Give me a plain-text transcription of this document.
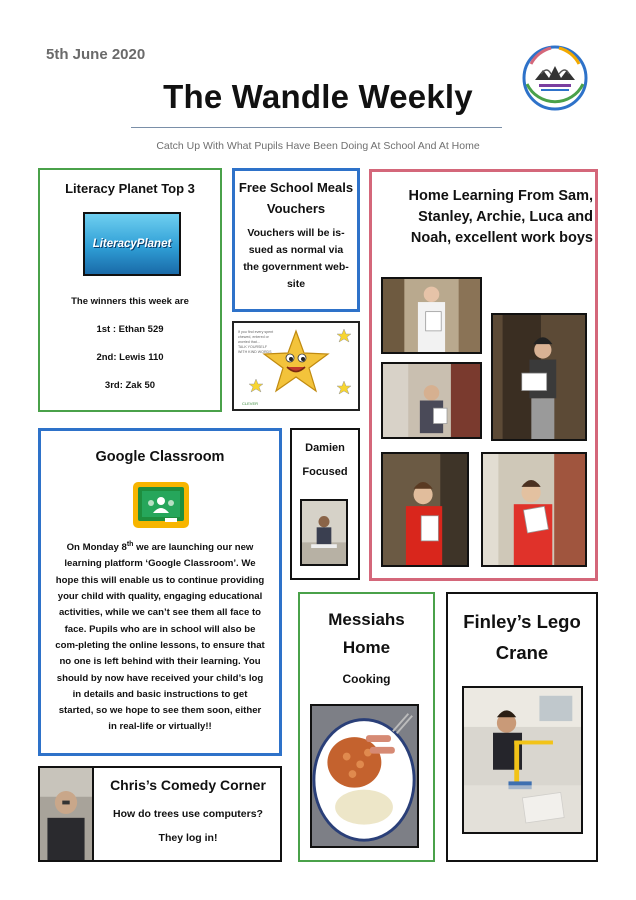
5th June 2020
The Wandle Weekly
Catch Up With What Pupils Have Been Doing At School And At Home
Literacy Planet Top 3
LiteracyPlanet
The winners this week are
1st : Ethan 529
2nd: Lewis 110
3rd: Zak 50
Free School Meals
Vouchers
Vouchers will be is-
sued as normal via
the government web-
site
If you find every spent
chewed, entered or
worried that...
TALK YOURSELF
WITH KIND WORDS
CLEVER
Home Learning From Sam, Stanley, Archie, Luca and Noah, excellent work boys
Google Classroom
On Monday 8th we are launching our new learning platform ‘Google Classroom’. We hope this will enable us to continue providing your child with quality, engaging educational activities, while we can’t see them all face to face. Pupils who are in school will also be com-pleting the online lessons, to ensure that no one is left behind with their learning. You should by now have received your child’s log in details and basic instructions to get started, so we hope to see them soon, either in real-life or virtually!!
Damien
Focused
Messiahs
Home
Cooking
Finley’s Lego
Crane
Chris’s Comedy Corner
How do trees use computers?
They log in!
